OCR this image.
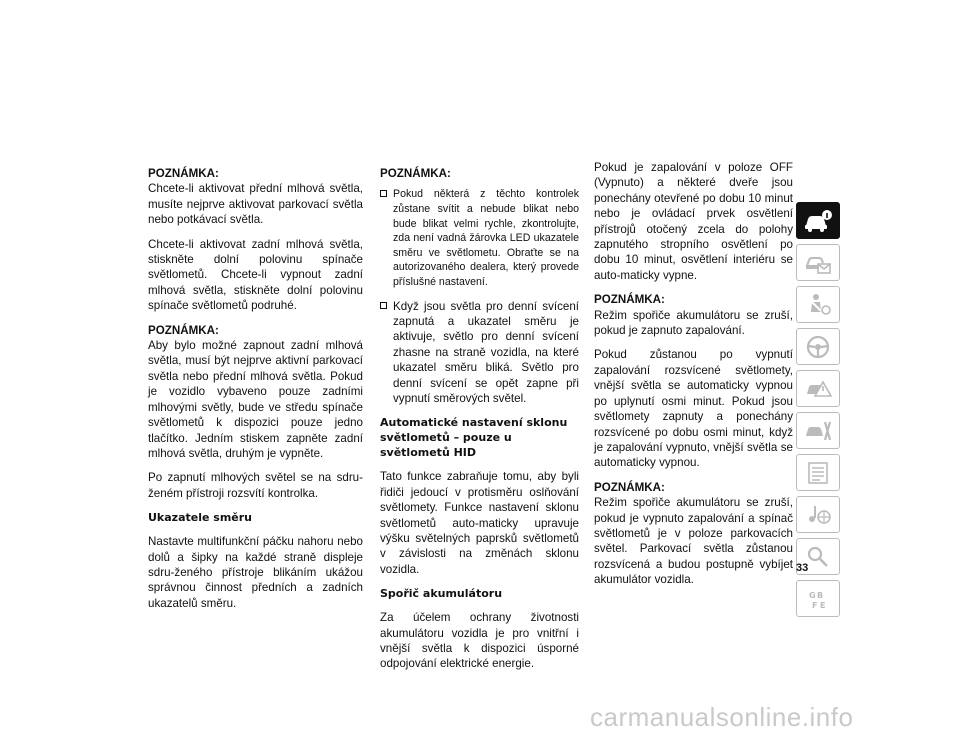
POZNÁMKA:
Chcete-li aktivovat přední mlhová světla, musíte nejprve aktivovat parkovací světla nebo potkávací světla.
Chcete-li aktivovat zadní mlhová světla, stiskněte dolní polovinu spínače světlometů. Chcete-li vypnout zadní mlhová světla, stiskněte dolní polovinu spínače světlometů podruhé.
POZNÁMKA:
Aby bylo možné zapnout zadní mlhová světla, musí být nejprve aktivní parkovací světla nebo přední mlhová světla. Pokud je vozidlo vybaveno pouze zadními mlhovými světly, bude ve středu spínače světlometů k dispozici pouze jedno tlačítko. Jedním stiskem zapněte zadní mlhová světla, druhým je vypněte.
Po zapnutí mlhových světel se na sdru-ženém přístroji rozsvítí kontrolka.
Ukazatele směru
Nastavte multifunkční páčku nahoru nebo dolů a šipky na každé straně displeje sdru-ženého přístroje blikáním ukážou správnou činnost předních a zadních ukazatelů směru.
POZNÁMKA:
Pokud některá z těchto kontrolek zůstane svítit a nebude blikat nebo bude blikat velmi rychle, zkontrolujte, zda není vadná žárovka LED ukazatele směru ve světlometu. Obraťte se na autorizovaného dealera, který provede příslušné nastavení.
Když jsou světla pro denní svícení zapnutá a ukazatel směru je aktivuje, světlo pro denní svícení zhasne na straně vozidla, na které ukazatel směru bliká. Světlo pro denní svícení se opět zapne při vypnutí směrových světel.
Automatické nastavení sklonu
světlometů – pouze u světlometů HID
Tato funkce zabraňuje tomu, aby byli řidiči jedoucí v protisměru oslňování světlomety. Funkce nastavení sklonu světlometů auto-maticky upravuje výšku světelných paprsků světlometů v závislosti na změnách sklonu vozidla.
Spořič akumulátoru
Za účelem ochrany životnosti akumulátoru vozidla je pro vnitřní i vnější světla k dispozici úsporné odpojování elektrické energie.
Pokud je zapalování v poloze OFF (Vypnuto) a některé dveře jsou ponechány otevřené po dobu 10 minut nebo je ovládací prvek osvětlení přístrojů otočený zcela do polohy zapnutého stropního osvětlení po dobu 10 minut, osvětlení interiéru se auto-maticky vypne.
POZNÁMKA:
Režim spořiče akumulátoru se zruší, pokud je zapnuto zapalování.
Pokud zůstanou po vypnutí zapalování rozsvícené světlomety, vnější světla se automaticky vypnou po uplynutí osmi minut. Pokud jsou světlomety zapnuty a ponechány rozsvícené po dobu osmi minut, když je zapalování vypnuto, vnější světla se automaticky vypnou.
POZNÁMKA:
Režim spořiče akumulátoru se zruší, pokud je vypnuto zapalování a spínač světlometů je v poloze parkovacích světel. Parkovací světla zůstanou rozsvícená a budou postupně vybíjet akumulátor vozidla.
G B
F E
33
carmanualsonline.info
